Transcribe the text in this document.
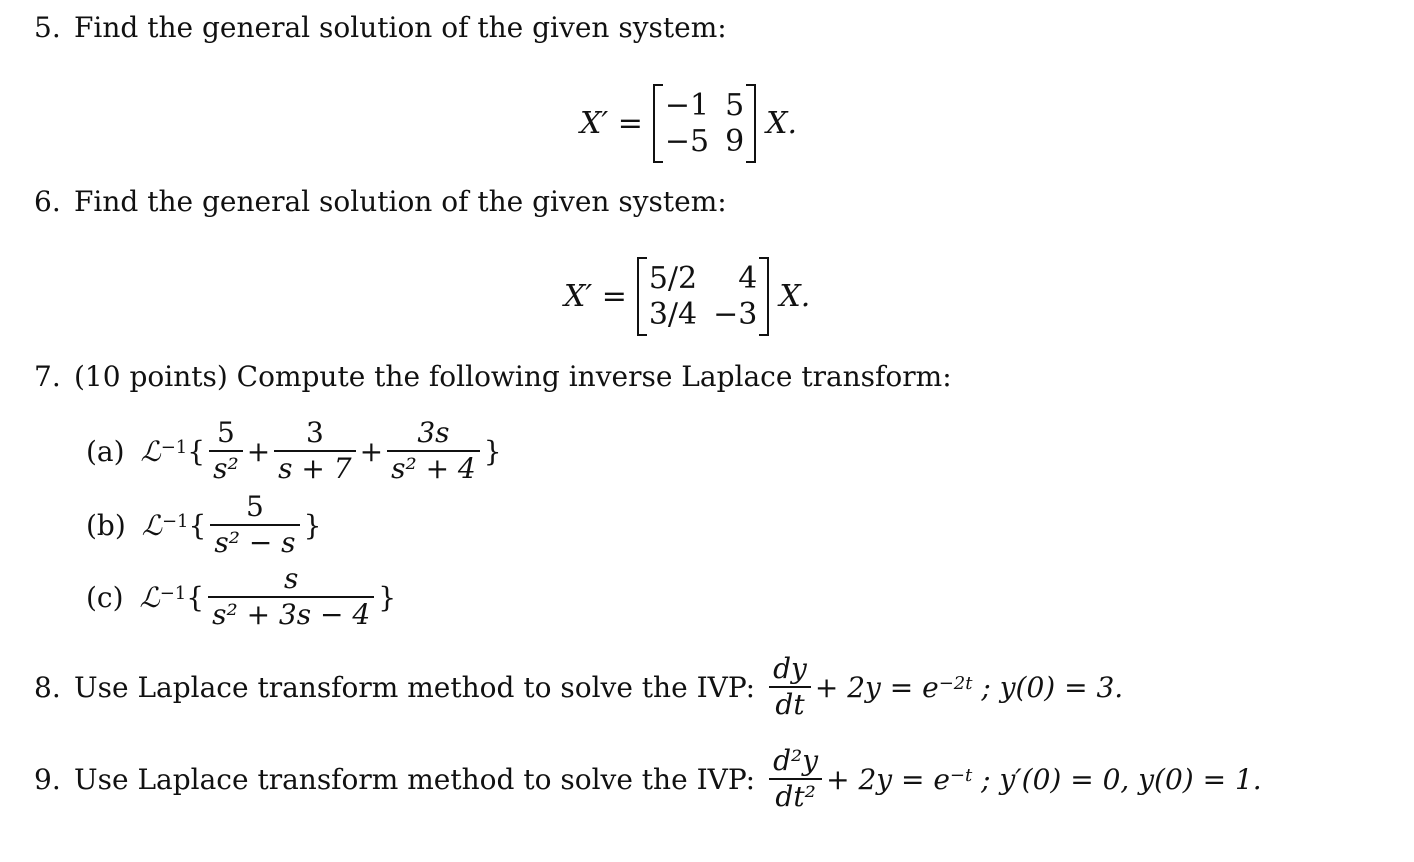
5. Find the general solution of the given system:
X′ =
−1 5
−5 9
X.
6. Find the general solution of the given system:
X′ =
5/2	4
3/4 −3
X.
7. (10 points) Compute the following inverse Laplace transform:
(a) ℒ −1 { $\frac{5}{\text{s²}} + \frac{3}{s + 7} + \frac{3s}{\text{s² + 4}}$ }
(b) ℒ −1 { $\frac{5}{\text{s² − s}}$ }
(c) ℒ −1 { $\frac{s}{\text{s² + 3s − 4}}$ }
8. Use Laplace transform method to solve the IVP: $\frac{dy}{dt} + 2y = e -2t$ ; y(0) = 3.
9. Use Laplace transform method to solve the IVP: $\frac{\text{d²y}}{\text{dt²}} + 2y = e -t$ ; y′(0) = 0, y(0) = 1.
